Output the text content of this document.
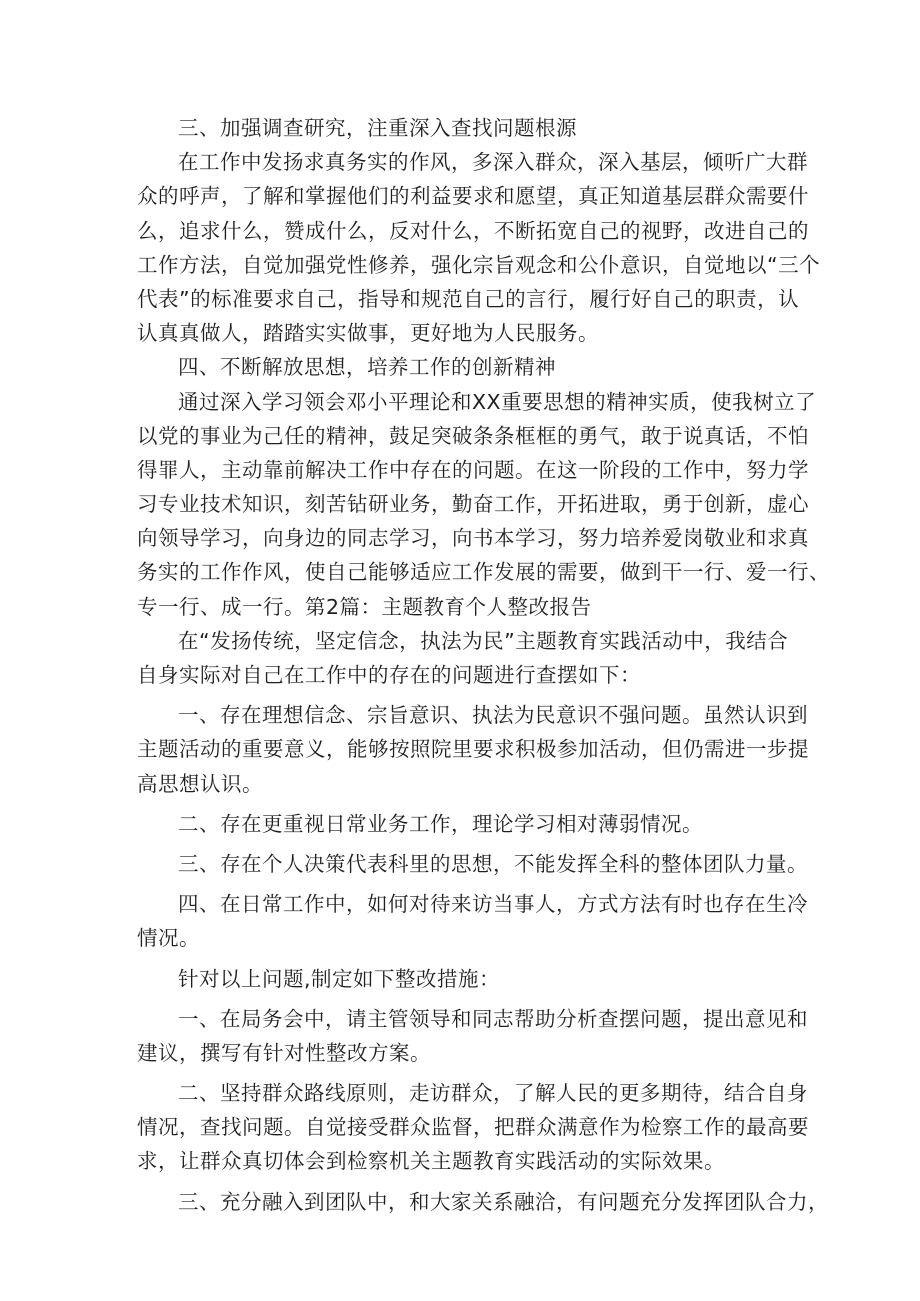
三、加强调查研究，注重深入查找问题根源

在工作中发扬求真务实的作风，多深入群众，深入基层，倾听广大群
众的呼声，了解和掌握他们的利益要求和愿望，真正知道基层群众需要什
么，追求什么，赞成什么，反对什么，不断拓宽自己的视野，改进自己的
工作方法，自觉加强党性修养，强化宗旨观念和公仆意识，自觉地以“三个
代表”的标准要求自己，指导和规范自己的言行，履行好自己的职责，认
认真真做人，踏踏实实做事，更好地为人民服务。

四、不断解放思想，培养工作的创新精神

通过深入学习领会邓小平理论和XX重要思想的精神实质，使我树立了
以党的事业为己任的精神，鼓足突破条条框框的勇气，敢于说真话，不怕
得罪人，主动靠前解决工作中存在的问题。在这一阶段的工作中，努力学
习专业技术知识，刻苦钻研业务，勤奋工作，开拓进取，勇于创新，虚心
向领导学习，向身边的同志学习，向书本学习，努力培养爱岗敬业和求真
务实的工作作风，使自己能够适应工作发展的需要，做到干一行、爱一行、
专一行、成一行。第2篇：主题教育个人整改报告

在“发扬传统，坚定信念，执法为民”主题教育实践活动中，我结合
自身实际对自己在工作中的存在的问题进行查摆如下：

一、存在理想信念、宗旨意识、执法为民意识不强问题。虽然认识到
主题活动的重要意义，能够按照院里要求积极参加活动，但仍需进一步提
高思想认识。

二、存在更重视日常业务工作，理论学习相对薄弱情况。

三、存在个人决策代表科里的思想，不能发挥全科的整体团队力量。

四、在日常工作中，如何对待来访当事人，方式方法有时也存在生冷
情况。

针对以上问题,制定如下整改措施：

一、在局务会中，请主管领导和同志帮助分析查摆问题，提出意见和
建议，撰写有针对性整改方案。

二、坚持群众路线原则，走访群众，了解人民的更多期待，结合自身
情况，查找问题。自觉接受群众监督，把群众满意作为检察工作的最高要
求，让群众真切体会到检察机关主题教育实践活动的实际效果。

三、充分融入到团队中，和大家关系融洽，有问题充分发挥团队合力，
